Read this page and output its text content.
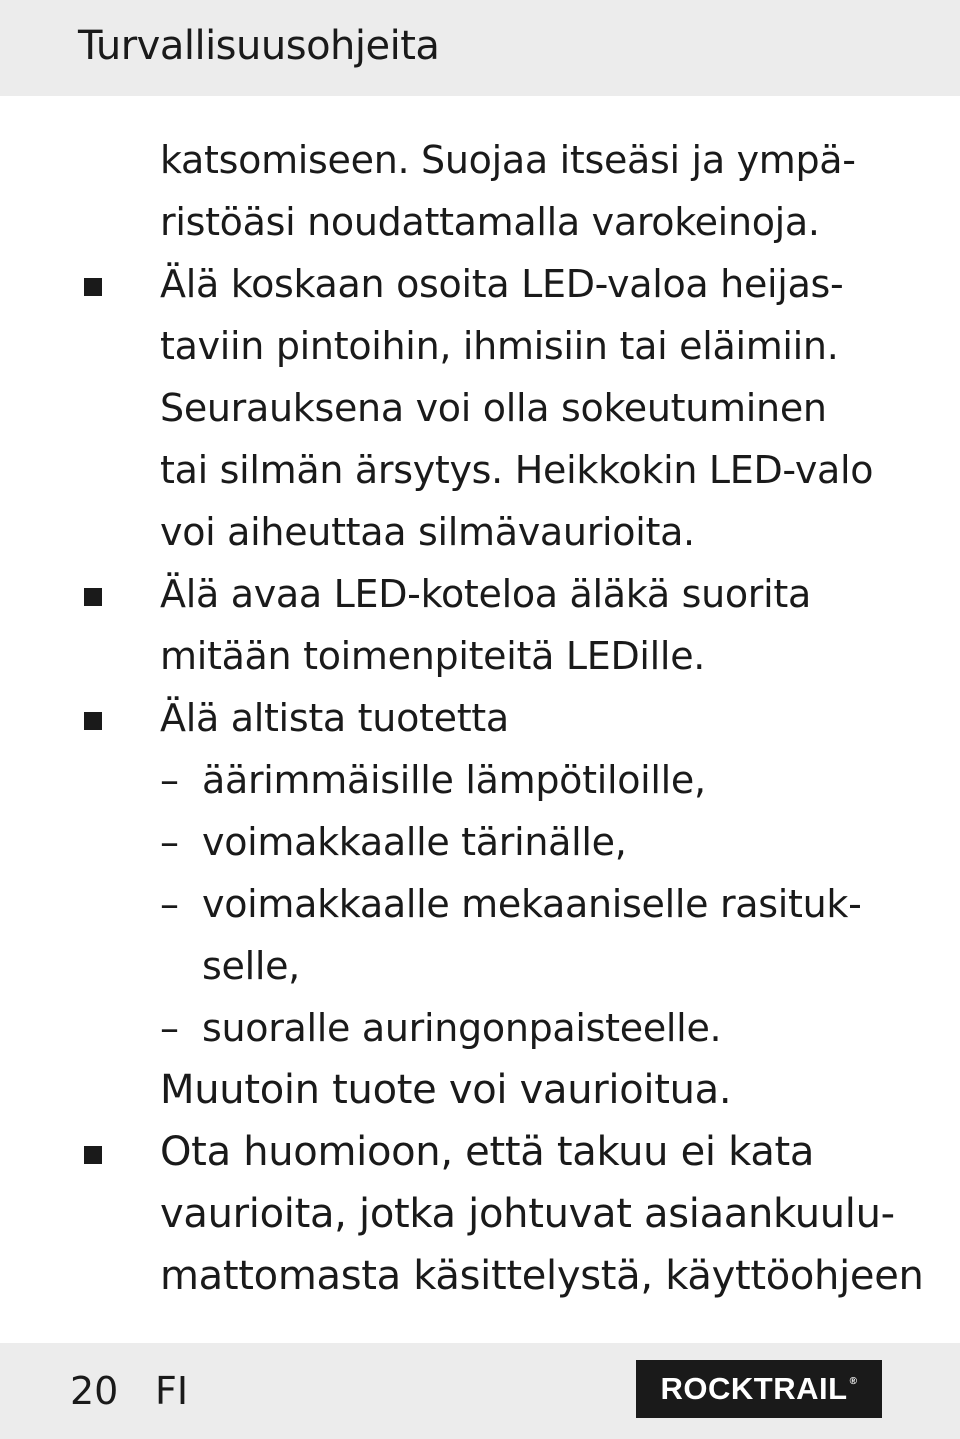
Turvallisuusohjeita
katsomiseen. Suojaa itseäsi ja ympä-
ristöäsi noudattamalla varokeinoja.
Älä koskaan osoita LED-valoa heijas-
taviin pintoihin, ihmisiin tai eläimiin.
Seurauksena voi olla sokeutuminen
tai silmän ärsytys. Heikkokin LED-valo
voi aiheuttaa silmävaurioita.
Älä avaa LED-koteloa äläkä suorita
mitään toimenpiteitä LEDille.
Älä altista tuotetta
– äärimmäisille lämpötiloille,
– voimakkaalle tärinälle,
– voimakkaalle mekaaniselle rasituk-
selle,
– suoralle auringonpaisteelle.
Muutoin tuote voi vaurioitua.
Ota huomioon, että takuu ei kata
vaurioita, jotka johtuvat asiaankuulu-
mattomasta käsittelystä, käyttöohjeen
20 FI	ROCKTRAIL®
